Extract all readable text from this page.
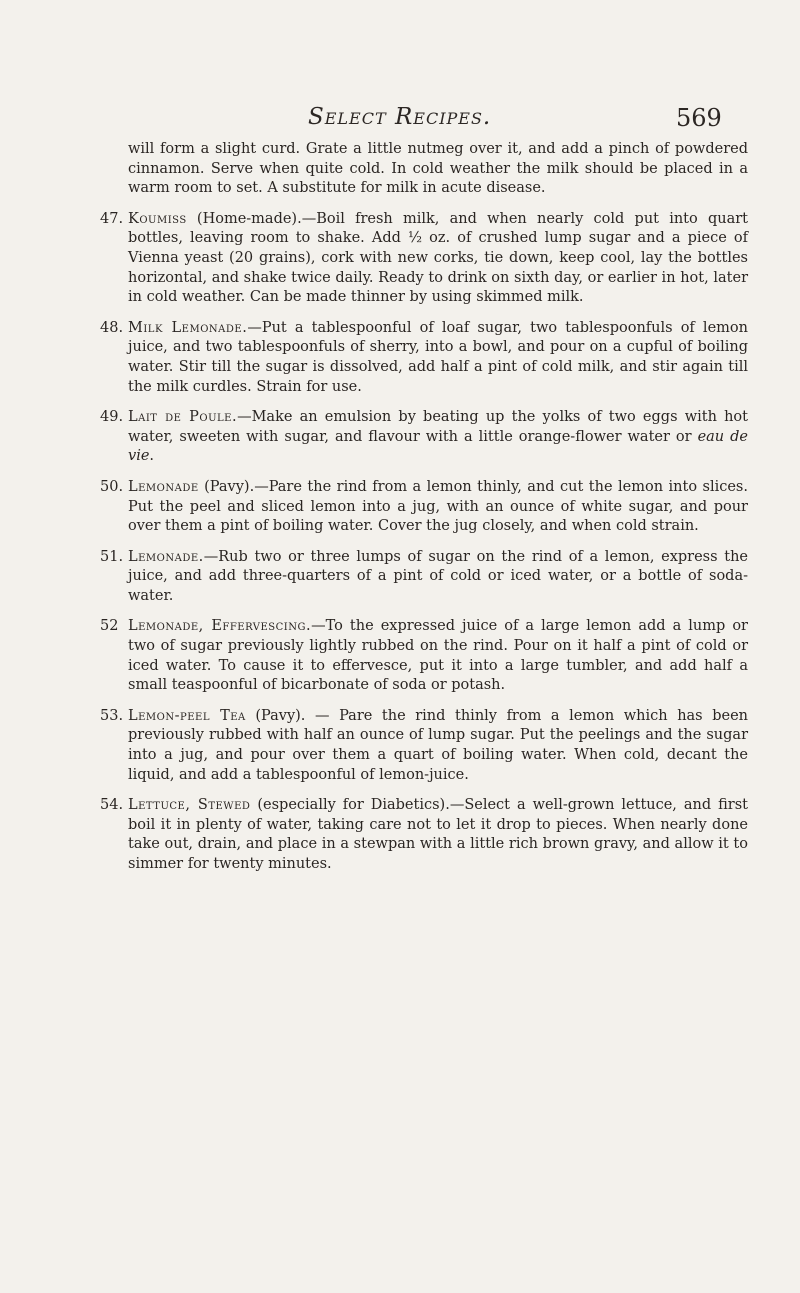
Select Recipes.	569

will form a slight curd. Grate a little nutmeg over it, and add a pinch of powdered cinnamon. Serve when quite cold. In cold weather the milk should be placed in a warm room to set. A substitute for milk in acute disease.

47. Koumiss (Home-made).—Boil fresh milk, and when nearly cold put into quart bottles, leaving room to shake. Add ½ oz. of crushed lump sugar and a piece of Vienna yeast (20 grains), cork with new corks, tie down, keep cool, lay the bottles horizontal, and shake twice daily. Ready to drink on sixth day, or earlier in hot, later in cold weather. Can be made thinner by using skimmed milk.

48. Milk Lemonade.—Put a tablespoonful of loaf sugar, two tablespoonfuls of lemon juice, and two tablespoonfuls of sherry, into a bowl, and pour on a cupful of boiling water. Stir till the sugar is dissolved, add half a pint of cold milk, and stir again till the milk curdles. Strain for use.

49. Lait de Poule.—Make an emulsion by beating up the yolks of two eggs with hot water, sweeten with sugar, and flavour with a little orange-flower water or eau de vie.

50. Lemonade (Pavy).—Pare the rind from a lemon thinly, and cut the lemon into slices. Put the peel and sliced lemon into a jug, with an ounce of white sugar, and pour over them a pint of boiling water. Cover the jug closely, and when cold strain.

51. Lemonade.—Rub two or three lumps of sugar on the rind of a lemon, express the juice, and add three-quarters of a pint of cold or iced water, or a bottle of soda-water.

52 Lemonade, Effervescing.—To the expressed juice of a large lemon add a lump or two of sugar previously lightly rubbed on the rind. Pour on it half a pint of cold or iced water. To cause it to effervesce, put it into a large tumbler, and add half a small teaspoonful of bicarbonate of soda or potash.

53. Lemon-peel Tea (Pavy). — Pare the rind thinly from a lemon which has been previously rubbed with half an ounce of lump sugar. Put the peelings and the sugar into a jug, and pour over them a quart of boiling water. When cold, decant the liquid, and add a tablespoonful of lemon-juice.

54. Lettuce, Stewed (especially for Diabetics).—Select a well-grown lettuce, and first boil it in plenty of water, taking care not to let it drop to pieces. When nearly done take out, drain, and place in a stewpan with a little rich brown gravy, and allow it to simmer for twenty minutes.
